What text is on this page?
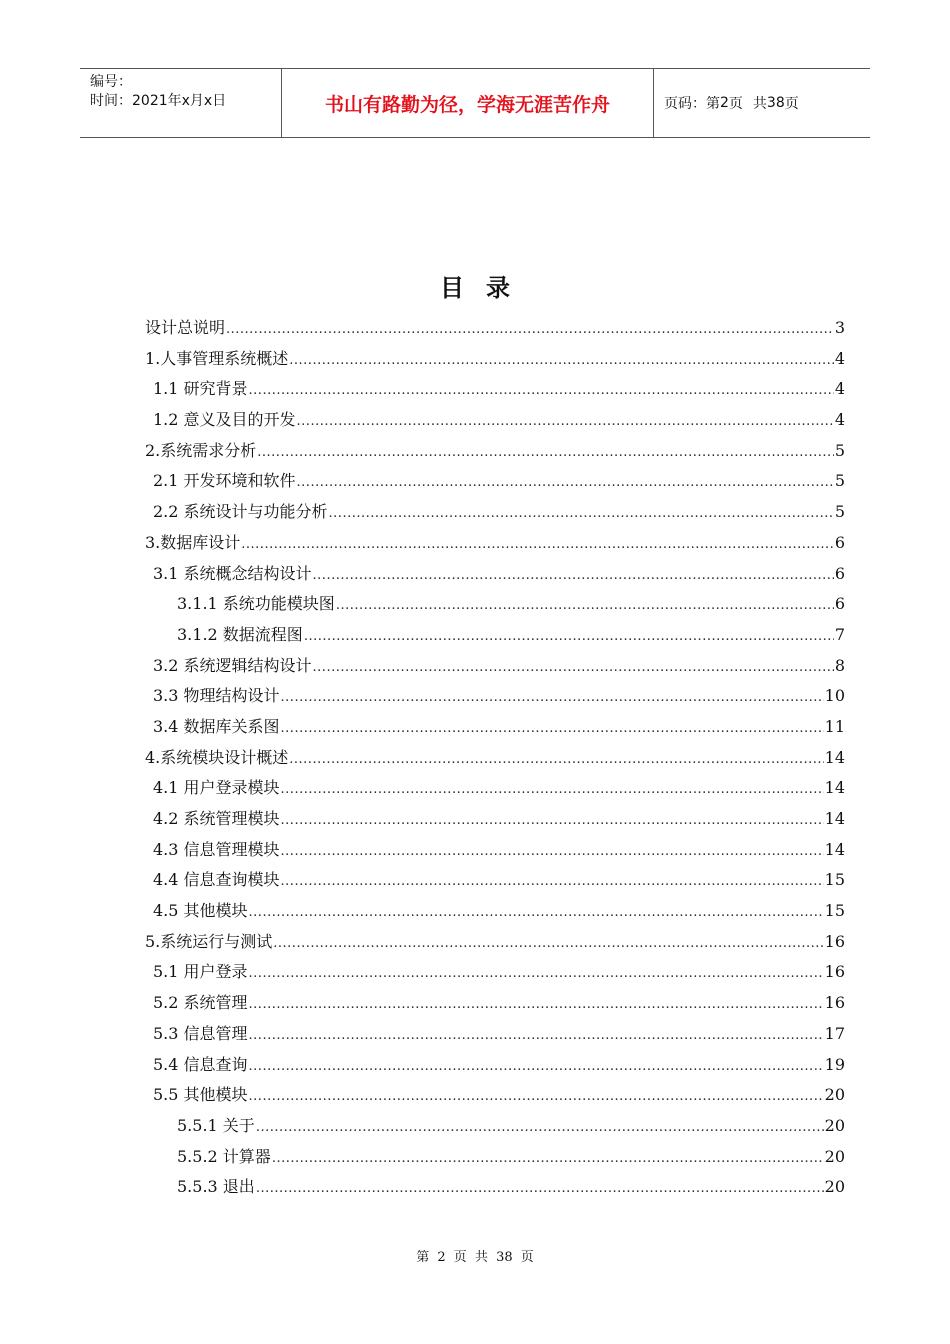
编号：
时间：2021年x月x日	书山有路勤为径，学海无涯苦作舟	页码：第 2 页 共 38 页
目录
设计总说明 .....	3
1.人事管理系统概述 .....	4
1.1 研究背景 .....	4
1.2 意义及目的开发 .....	4
2.系统需求分析 .....	5
2.1 开发环境和软件 .....	5
2.2 系统设计与功能分析 .....	5
3.数据库设计 .....	6
3.1 系统概念结构设计 .....	6
3.1.1 系统功能模块图 .....	6
3.1.2 数据流程图 .....	7
3.2 系统逻辑结构设计 .....	8
3.3 物理结构设计 .....	10
3.4 数据库关系图 .....	11
4.系统模块设计概述 .....	14
4.1 用户登录模块 .....	14
4.2 系统管理模块 .....	14
4.3 信息管理模块 .....	14
4.4 信息查询模块 .....	15
4.5 其他模块 .....	15
5.系统运行与测试 .....	16
5.1 用户登录 .....	16
5.2 系统管理 .....	16
5.3 信息管理 .....	17
5.4 信息查询 .....	19
5.5 其他模块 .....	20
5.5.1 关于 .....	20
5.5.2 计算器 .....	20
5.5.3 退出 .....	20
第 2 页 共 38 页
